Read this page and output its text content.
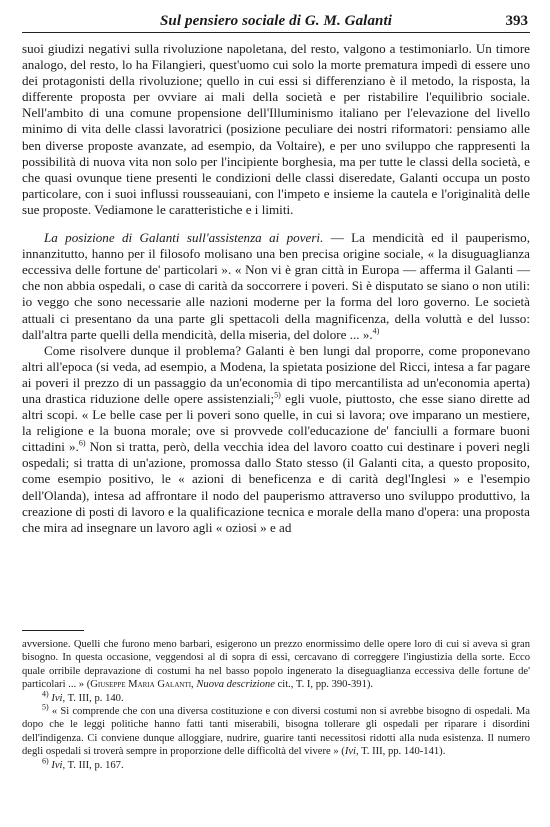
Sul pensiero sociale di G. M. Galanti	393

suoi giudizi negativi sulla rivoluzione napoletana, del resto, valgono a testimoniarlo. Un timore analogo, del resto, lo ha Filangieri, quest'uomo cui solo la morte prematura impedì di essere uno dei protagonisti della rivoluzione; quello in cui essi si differenziano è il metodo, la risposta, la differente proposta per ovviare ai mali della società e per ristabilire l'equilibrio sociale. Nell'ambito di una comune propensione dell'Illuminismo italiano per l'elevazione del livello minimo di vita delle classi lavoratrici (posizione peculiare dei nostri riformatori: pensiamo alle ben diverse proposte avanzate, ad esempio, da Voltaire), e per uno sviluppo che rappresenti la possibilità di nuova vita non solo per l'incipiente borghesia, ma per tutte le classi della società, e che quasi ovunque tiene presenti le condizioni delle classi diseredate, Galanti occupa un posto particolare, con i suoi influssi rousseauiani, con l'impeto e insieme la cautela e l'originalità delle sue proposte. Vediamone le caratteristiche e i limiti.

La posizione di Galanti sull'assistenza ai poveri. — La mendicità ed il pauperismo, innanzitutto, hanno per il filosofo molisano una ben precisa origine sociale, « la disuguaglianza eccessiva delle fortune de' particolari ». « Non vi è gran città in Europa — afferma il Galanti — che non abbia ospedali, o case di carità da soccorrere i poveri. Si è disputato se siano o non utili: io veggo che sono necessarie alle nazioni moderne per la forma del loro governo. Le società attuali ci presentano da una parte gli spettacoli della magnificenza, della voluttà e del lusso: dall'altra parte quelli della mendicità, della miseria, del dolore ... ».$^{4)}$

Come risolvere dunque il problema? Galanti è ben lungi dal proporre, come proponevano altri all'epoca (si veda, ad esempio, a Modena, la spietata posizione del Ricci, intesa a far pagare ai poveri il prezzo di un passaggio da un'economia di tipo mercantilista ad un'economia aperta) una drastica riduzione delle opere assistenziali;$^{5)}$ egli vuole, piuttosto, che esse siano dirette ad altri scopi. « Le belle case per li poveri sono quelle, in cui si lavora; ove imparano un mestiere, la religione e la buona morale; ove si provvede coll'educazione de' fanciulli a formare buoni cittadini ».$^{6)}$ Non si tratta, però, della vecchia idea del lavoro coatto cui destinare i poveri negli ospedali; si tratta di un'azione, promossa dallo Stato stesso (il Galanti cita, a questo proposito, come esempio positivo, le « azioni di beneficenza e di carità degl'Inglesi » e l'esempio dell'Olanda), intesa ad affrontare il nodo del pauperismo attraverso uno sviluppo produttivo, la creazione di posti di lavoro e la qualificazione tecnica e morale della mano d'opera: una proposta che mira ad insegnare un lavoro agli « oziosi » e ad

avversione. Quelli che furono meno barbari, esigerono un prezzo enormissimo delle opere loro di cui si aveva sì gran bisogno. In questa occasione, veggendosi al di sopra di essi, cercavano di correggere l'ingiustizia della sorte. Ecco quale orribile depravazione di costumi ha nel basso popolo ingenerato la diseguaglianza eccessiva delle fortune de' particolari ... » (Giuseppe Maria Galanti, Nuova descrizione cit., T. I, pp. 390-391).

$^{4)}$ Ivi, T. III, p. 140.

$^{5)}$ « Si comprende che con una diversa costituzione e con diversi costumi non si avrebbe bisogno di ospedali. Ma dopo che le leggi politiche hanno fatti tanti miserabili, bisogna tollerare gli ospedali per riparare i disordini dell'indigenza. Ci conviene dunque alloggiare, nudrire, guarire tanti necessitosi ridotti alla nuda esistenza. Il numero degli ospedali si troverà sempre in proporzione delle difficoltà del vivere » (Ivi, T. III, pp. 140-141).

$^{6)}$ Ivi, T. III, p. 167.
